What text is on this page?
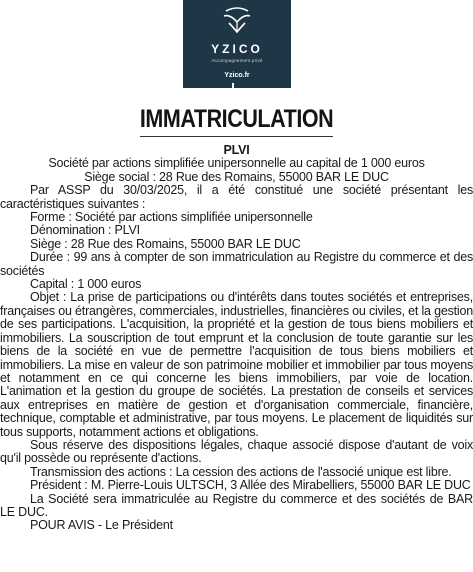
YZICO
Accompagnement privé
Yzico.fr
IMMATRICULATION

PLVI

Société par actions simplifiée unipersonnelle au capital de 1 000 euros

Siège social : 28 Rue des Romains, 55000 BAR LE DUC

Par ASSP du 30/03/2025, il a été constitué une société présentant les caractéristiques suivantes :

Forme : Société par actions simplifiée unipersonnelle

Dénomination : PLVI

Siège : 28 Rue des Romains, 55000 BAR LE DUC

Durée : 99 ans à compter de son immatriculation au Registre du commerce et des sociétés

Capital : 1 000 euros

Objet : La prise de participations ou d'intérêts dans toutes sociétés et entreprises, françaises ou étrangères, commerciales, industrielles, financières ou civiles, et la gestion de ses participations. L'acquisition, la propriété et la gestion de tous biens mobiliers et immobiliers. La souscription de tout emprunt et la conclusion de toute garantie sur les biens de la société en vue de permettre l'acquisition de tous biens mobiliers et immobiliers. La mise en valeur de son patrimoine mobilier et immobilier par tous moyens et notamment en ce qui concerne les biens immobiliers, par voie de location. L'animation et la gestion du groupe de sociétés. La prestation de conseils et services aux entreprises en matière de gestion et d'organisation commerciale, financière, technique, comptable et administrative, par tous moyens. Le placement de liquidités sur tous supports, notamment actions et obligations.

Sous réserve des dispositions légales, chaque associé dispose d'autant de voix qu'il possède ou représente d'actions.

Transmission des actions : La cession des actions de l'associé unique est libre.

Président : M. Pierre-Louis ULTSCH, 3 Allée des Mirabelliers, 55000 BAR LE DUC

La Société sera immatriculée au Registre du commerce et des sociétés de BAR LE DUC.

POUR AVIS - Le Président
